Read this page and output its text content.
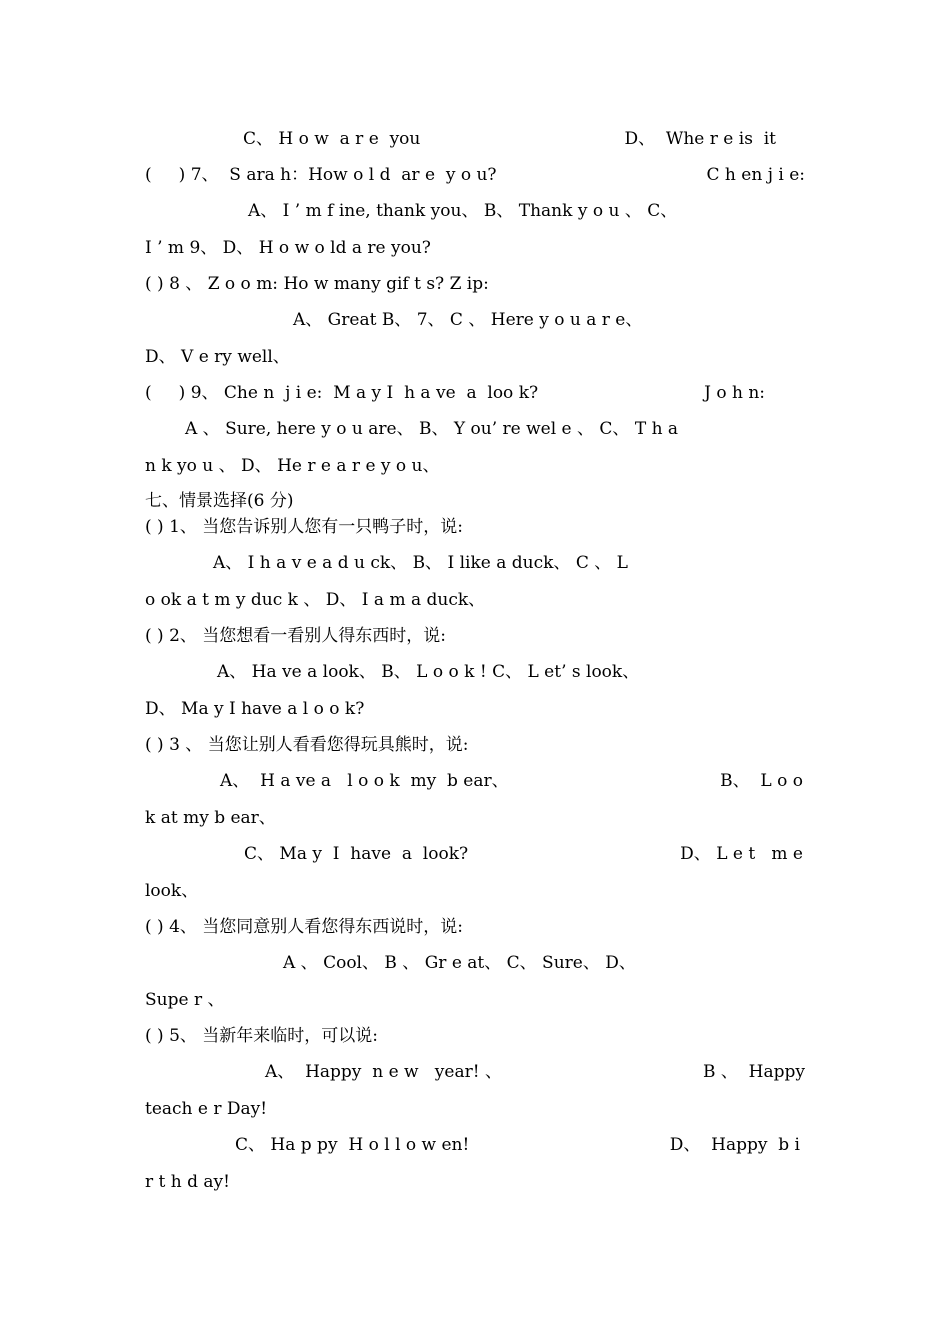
C、 H o w  a r e  you	D、  Whe r e is  it
(     ) 7、  S ara h：How o l d  ar e  y o u?	C h en j i e:
A、 I ’ m f ine, thank you、 B、 Thank y o u 、 C、
I ’ m 9、 D、 H o w o ld a re you?
( ) 8 、 Z o o m: Ho w many gif t s? Z ip:
A、 Great B、 7、 C 、 Here y o u a r e、
D、 V e ry well、
(     ) 9、 Che n  j i e:  M a y I  h a ve  a  loo k?	J o h n:
A 、 Sure, here y o u are、 B、 Y ou’ re wel e 、 C、 T h a
n k yo u 、 D、 He r e a r e y o u、
七、情景选择(6 分)
( ) 1、 当您告诉别人您有一只鸭子时，说:
A、 I h a v e a d u ck、 B、 I like a duck、 C 、 L
o ok a t m y duc k 、 D、 I a m a duck、
( ) 2、 当您想看一看别人得东西时，说:
A、 Ha ve a look、 B、 L o o k ! C、 L et’ s look、
D、 Ma y I have a l o o k?
( ) 3 、 当您让别人看看您得玩具熊时，说:
A、  H a ve a   l o o k  my  b ear、	B、  L o o
k at my b ear、
C、 Ma y  I  have  a  look?	D、 L e t   m e
look、
( ) 4、 当您同意别人看您得东西说时，说:
A 、 Cool、 B 、 Gr e at、 C、 Sure、 D、
Supe r 、
( ) 5、 当新年来临时，可以说:
A、  Happy  n e w   year! 、	B 、  Happy
teach e r Day!
C、 Ha p py  H o l l o w en!	D、  Happy  b i
r t h d ay!
